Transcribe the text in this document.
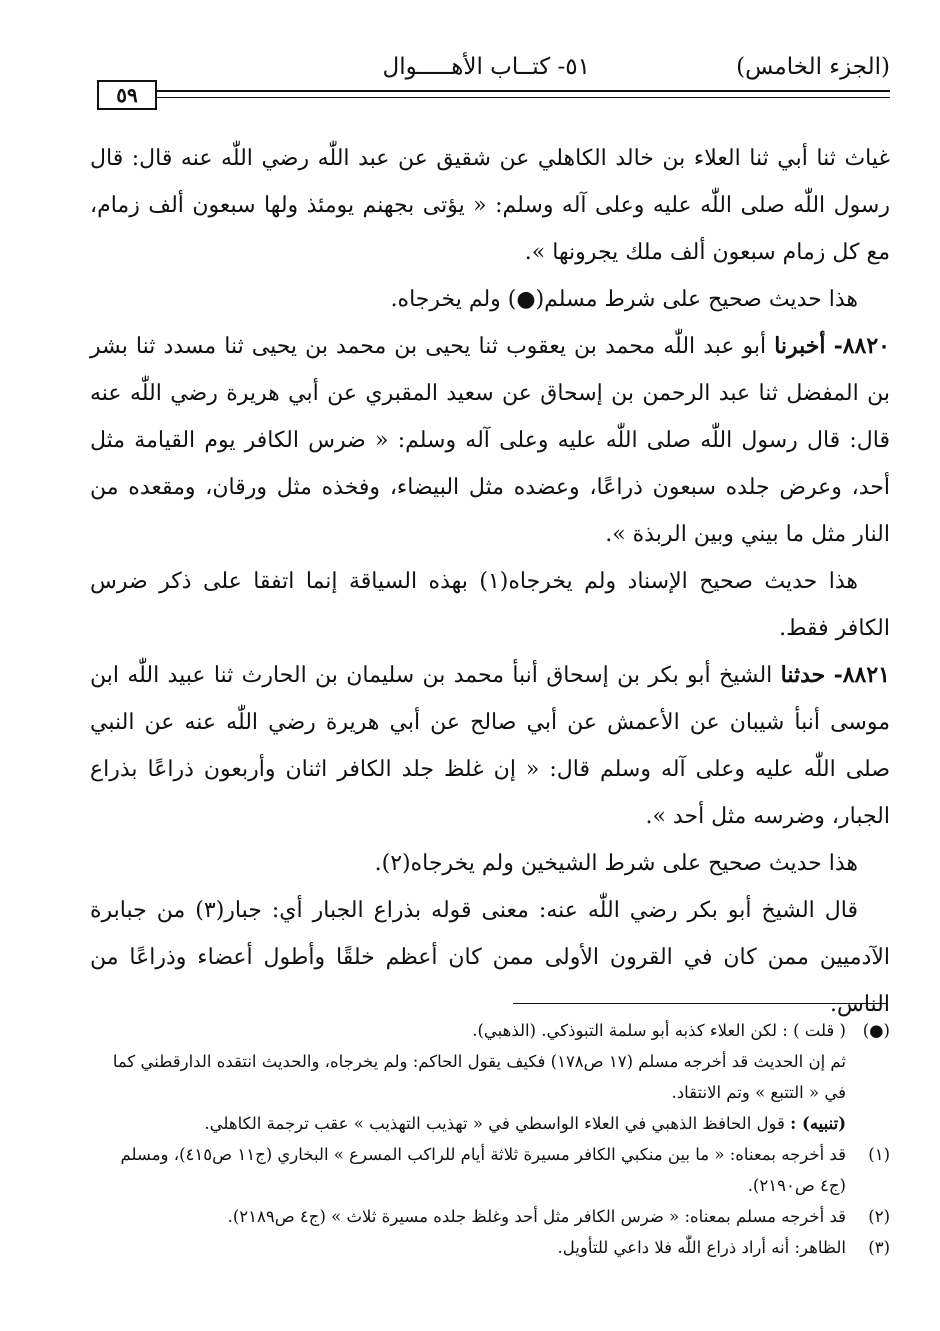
(الجزء الخامس)
٥١- كتــاب الأهـــــوال
٥٩

غياث ثنا أبي ثنا العلاء بن خالد الكاهلي عن شقيق عن عبد اللّٰه رضي اللّٰه عنه قال: قال رسول اللّٰه صلى اللّٰه عليه وعلى آله وسلم: « يؤتى بجهنم يومئذ ولها سبعون ألف زمام، مع كل زمام سبعون ألف ملك يجرونها ».

هذا حديث صحيح على شرط مسلم(●) ولم يخرجاه.

٨٨٢٠- أخبرنا أبو عبد اللّٰه محمد بن يعقوب ثنا يحيى بن محمد بن يحيى ثنا مسدد ثنا بشر بن المفضل ثنا عبد الرحمن بن إسحاق عن سعيد المقبري عن أبي هريرة رضي اللّٰه عنه قال: قال رسول اللّٰه صلى اللّٰه عليه وعلى آله وسلم: « ضرس الكافر يوم القيامة مثل أحد، وعرض جلده سبعون ذراعًا، وعضده مثل البيضاء، وفخذه مثل ورقان، ومقعده من النار مثل ما بيني وبين الربذة ».

هذا حديث صحيح الإسناد ولم يخرجاه(١) بهذه السياقة إنما اتفقا على ذكر ضرس الكافر فقط.

٨٨٢١- حدثنا الشيخ أبو بكر بن إسحاق أنبأ محمد بن سليمان بن الحارث ثنا عبيد اللّٰه ابن موسى أنبأ شيبان عن الأعمش عن أبي صالح عن أبي هريرة رضي اللّٰه عنه عن النبي صلى اللّٰه عليه وعلى آله وسلم قال: « إن غلظ جلد الكافر اثنان وأربعون ذراعًا بذراع الجبار، وضرسه مثل أحد ».

هذا حديث صحيح على شرط الشيخين ولم يخرجاه(٢).

قال الشيخ أبو بكر رضي اللّٰه عنه: معنى قوله بذراع الجبار أي: جبار(٣) من جبابرة الآدميين ممن كان في القرون الأولى ممن كان أعظم خلقًا وأطول أعضاء وذراعًا من الناس.

(●)
( قلت ) : لكن العلاء كذبه أبو سلمة التبوذكي. (الذهبي).
ثم إن الحديث قد أخرجه مسلم (١٧ ص١٧٨) فكيف يقول الحاكم: ولم يخرجاه، والحديث انتقده الدارقطني كما في « التتبع » وتم الانتقاد.
(تنبيه) : قول الحافظ الذهبي في العلاء الواسطي في « تهذيب التهذيب » عقب ترجمة الكاهلي.
(١)
قد أخرجه بمعناه: « ما بين منكبي الكافر مسيرة ثلاثة أيام للراكب المسرع » البخاري (ج١١ ص٤١٥)، ومسلم (ج٤ ص٢١٩٠).
(٢)
قد أخرجه مسلم بمعناه: « ضرس الكافر مثل أحد وغلظ جلده مسيرة ثلاث » (ج٤ ص٢١٨٩).
(٣)
الظاهر: أنه أراد ذراع اللّٰه فلا داعي للتأويل.
